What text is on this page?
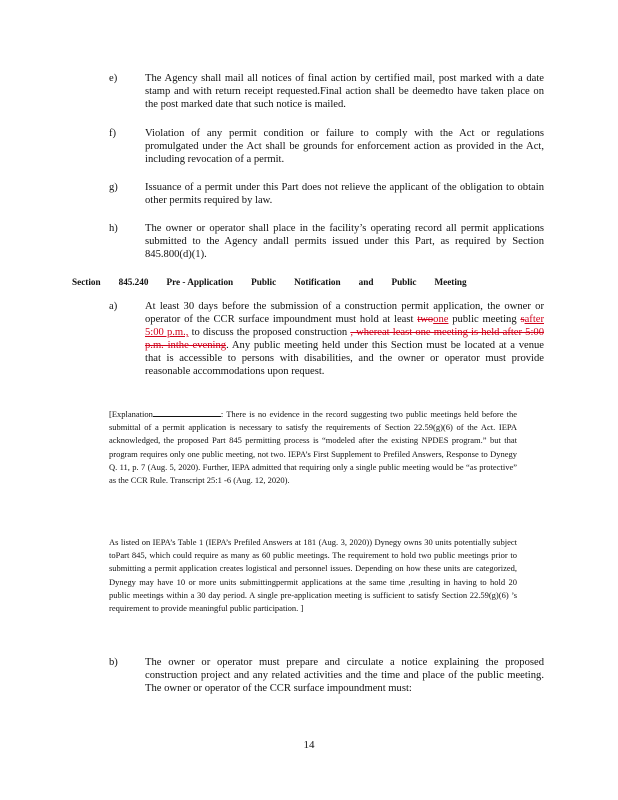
e)	The Agency shall mail all notices of final action by certified mail, post marked with a date stamp and with return receipt requested.Final action shall be deemedto have taken place on the post marked date that such notice is mailed.
f)	Violation of any permit condition or failure to comply with the Act or regulations promulgated under the Act shall be grounds for enforcement action as provided in the Act, including revocation of a permit.
g)	Issuance of a permit under this Part does not relieve the applicant of the obligation to obtain other permits required by law.
h)	The owner or operator shall place in the facility’s operating record all permit applications submitted to the Agency andall permits issued under this Part, as required by Section 845.800(d)(1).
Section 845.240 Pre - Application Public Notification and Public Meeting
a)	At least 30 days before the submission of a construction permit application, the owner or operator of the CCR surface impoundment must hold at least twoone public meeting safter 5:00 p.m., to discuss the proposed construction , whereat least one meeting is held after 5:00 p.m. inthe evening. Any public meeting held under this Section must be located at a venue that is accessible to persons with disabilities, and the owner or operator must provide reasonable accommodations upon request.
[Explanation	: There is no evidence in the record suggesting two public meetings held before the submittal of a permit application is necessary to satisfy the requirements of Section 22.59(g)(6) of the Act. IEPA acknowledged, the proposed Part 845 permitting process is “modeled after the existing NPDES program.” but that program requires only one public meeting, not two. IEPA’s First Supplement to Prefiled Answers, Response to Dynegy Q. 11, p. 7 (Aug. 5, 2020). Further, IEPA admitted that requiring only a single public meeting would be “as protective” as the CCR Rule. Transcript 25:1 -6 (Aug. 12, 2020).
As listed on IEPA’s Table 1 (IEPA’s Prefiled Answers at 181 (Aug. 3, 2020)) Dynegy owns 30 units potentially subject toPart 845, which could require as many as 60 public meetings. The requirement to hold two public meetings prior to submitting a permit application creates logistical and personnel issues. Depending on how these units are categorized, Dynegy may have 10 or more units submittingpermit applications at the same time ,resulting in having to hold 20 public meetings within a 30 day period. A single pre-application meeting is sufficient to satisfy Section 22.59(g)(6) ’s requirement to provide meaningful public participation. ]
b)	The owner or operator must prepare and circulate a notice explaining the proposed construction project and any related activities and the time and place of the public meeting. The owner or operator of the CCR surface impoundment must:
14
